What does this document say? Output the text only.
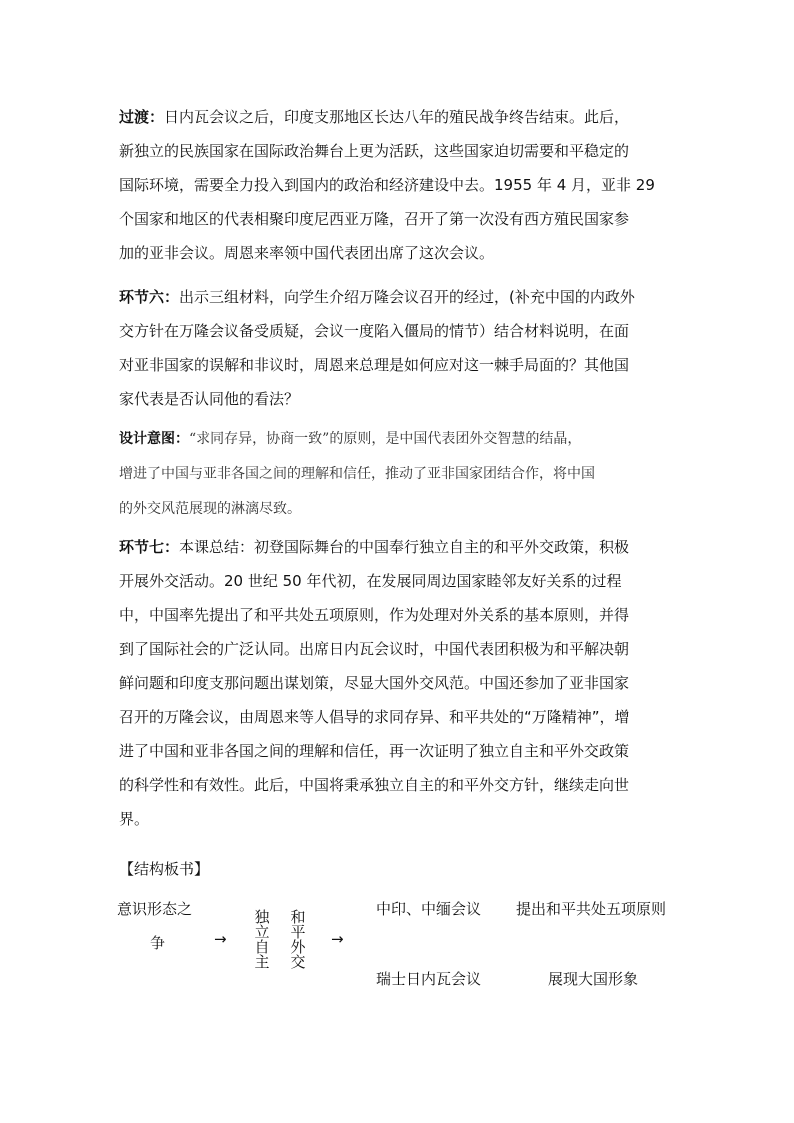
过渡：日内瓦会议之后，印度支那地区长达八年的殖民战争终告结束。此后，
新独立的民族国家在国际政治舞台上更为活跃，这些国家迫切需要和平稳定的
国际环境，需要全力投入到国内的政治和经济建设中去。1955 年 4 月，亚非 29
个国家和地区的代表相聚印度尼西亚万隆，召开了第一次没有西方殖民国家参
加的亚非会议。周恩来率领中国代表团出席了这次会议。
环节六：出示三组材料，向学生介绍万隆会议召开的经过，(补充中国的内政外
交方针在万隆会议备受质疑，会议一度陷入僵局的情节）结合材料说明，在面
对亚非国家的误解和非议时，周恩来总理是如何应对这一棘手局面的？其他国
家代表是否认同他的看法？
设计意图：“求同存异，协商一致”的原则，是中国代表团外交智慧的结晶，
增进了中国与亚非各国之间的理解和信任，推动了亚非国家团结合作，将中国
的外交风范展现的淋漓尽致。
环节七：本课总结：初登国际舞台的中国奉行独立自主的和平外交政策，积极
开展外交活动。20 世纪 50 年代初，在发展同周边国家睦邻友好关系的过程
中，中国率先提出了和平共处五项原则，作为处理对外关系的基本原则，并得
到了国际社会的广泛认同。出席日内瓦会议时，中国代表团积极为和平解决朝
鲜问题和印度支那问题出谋划策，尽显大国外交风范。中国还参加了亚非国家
召开的万隆会议，由周恩来等人倡导的求同存异、和平共处的“万隆精神”，增
进了中国和亚非各国之间的理解和信任，再一次证明了独立自主和平外交政策
的科学性和有效性。此后，中国将秉承独立自主的和平外交方针，继续走向世
界。
【结构板书】
意识形态之
争	→
独
立
自
主
和
平
外
交
→
中印、中缅会议 提出和平共处五项原则
瑞士日内瓦会议	展现大国形象
